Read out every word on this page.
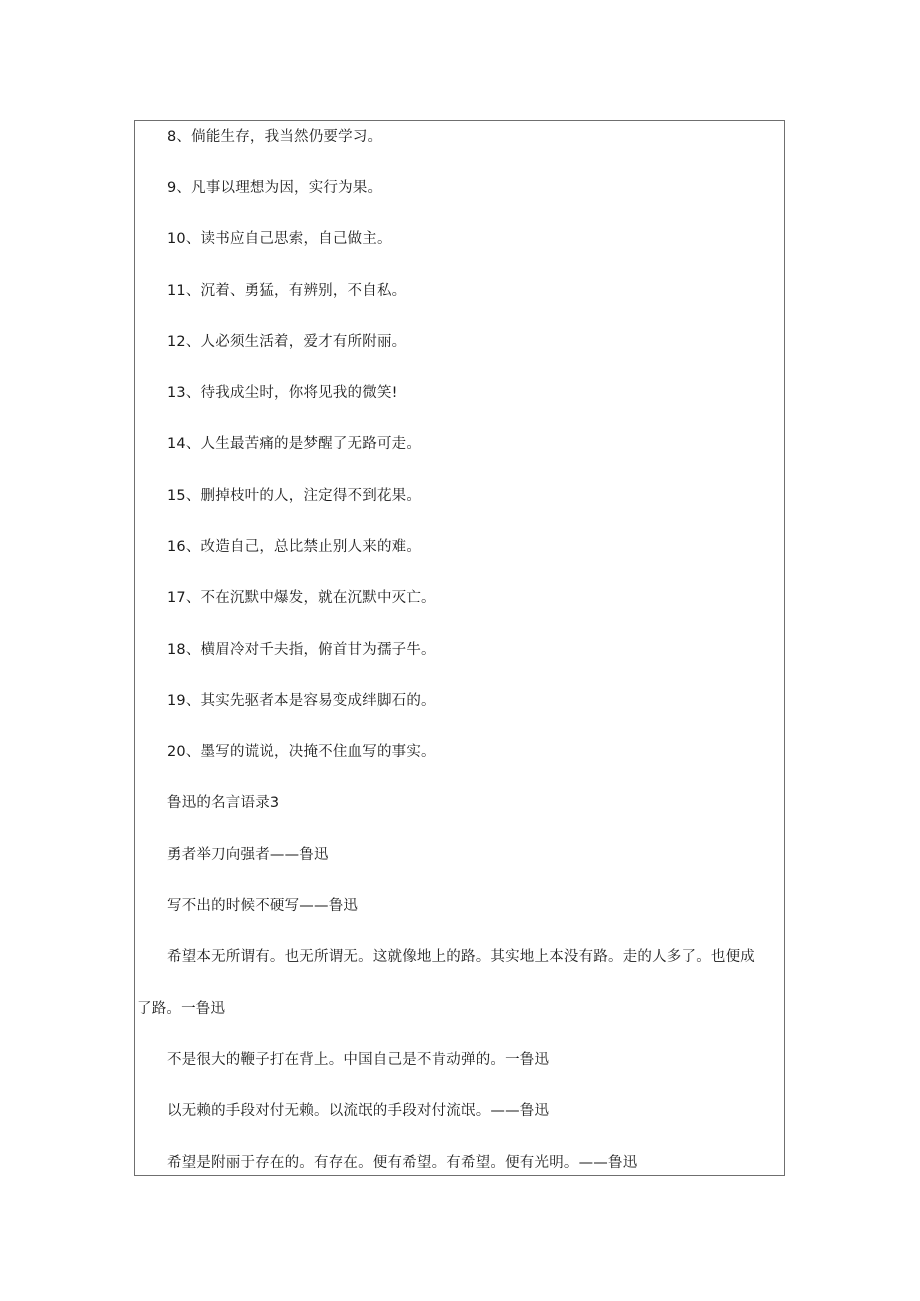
8、倘能生存，我当然仍要学习。
9、凡事以理想为因，实行为果。
10、读书应自己思索，自己做主。
11、沉着、勇猛，有辨别，不自私。
12、人必须生活着，爱才有所附丽。
13、待我成尘时，你将见我的微笑!
14、人生最苦痛的是梦醒了无路可走。
15、删掉枝叶的人，注定得不到花果。
16、改造自己，总比禁止别人来的难。
17、不在沉默中爆发，就在沉默中灭亡。
18、横眉冷对千夫指，俯首甘为孺子牛。
19、其实先驱者本是容易变成绊脚石的。
20、墨写的谎说，决掩不住血写的事实。
鲁迅的名言语录3
勇者举刀向强者——鲁迅
写不出的时候不硬写——鲁迅
希望本无所谓有。也无所谓无。这就像地上的路。其实地上本没有路。走的人多了。也便成
了路。一鲁迅
不是很大的鞭子打在背上。中国自己是不肯动弹的。一鲁迅
以无赖的手段对付无赖。以流氓的手段对付流氓。——鲁迅
希望是附丽于存在的。有存在。便有希望。有希望。便有光明。——鲁迅
